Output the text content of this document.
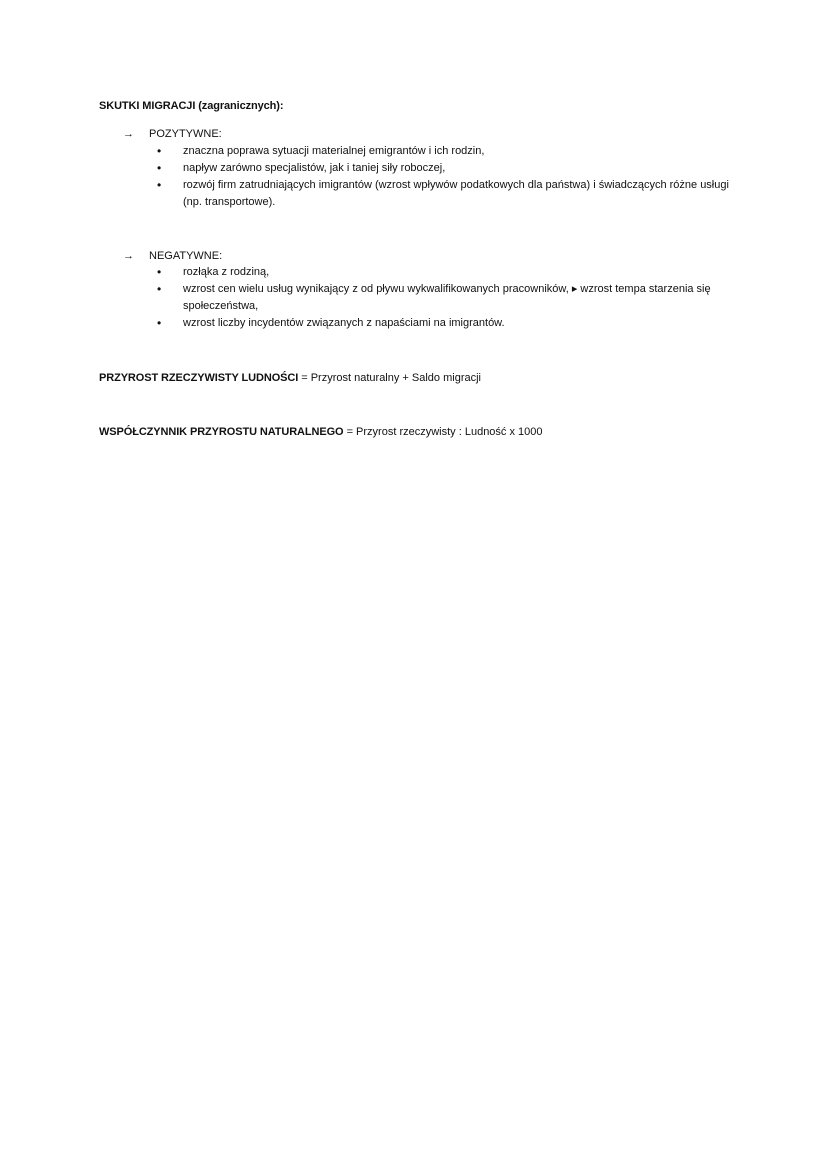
SKUTKI MIGRACJI (zagranicznych):
→	POZYTYWNE:
• znaczna poprawa sytuacji materialnej emigrantów i ich rodzin,
• napływ zarówno specjalistów, jak i taniej siły roboczej,
• rozwój firm zatrudniających imigrantów (wzrost wpływów podatkowych dla państwa) i świadczących różne usługi (np. transportowe).
→	NEGATYWNE:
• rozłąka z rodziną,
• wzrost cen wielu usług wynikający z od pływu wykwalifikowanych pracowników, ▸ wzrost tempa starzenia się społeczeństwa,
• wzrost liczby incydentów związanych z napaściami na imigrantów.
PRZYROST RZECZYWISTY LUDNOŚCI = Przyrost naturalny + Saldo migracji
WSPÓŁCZYNNIK PRZYROSTU NATURALNEGO = Przyrost rzeczywisty : Ludność x 1000
